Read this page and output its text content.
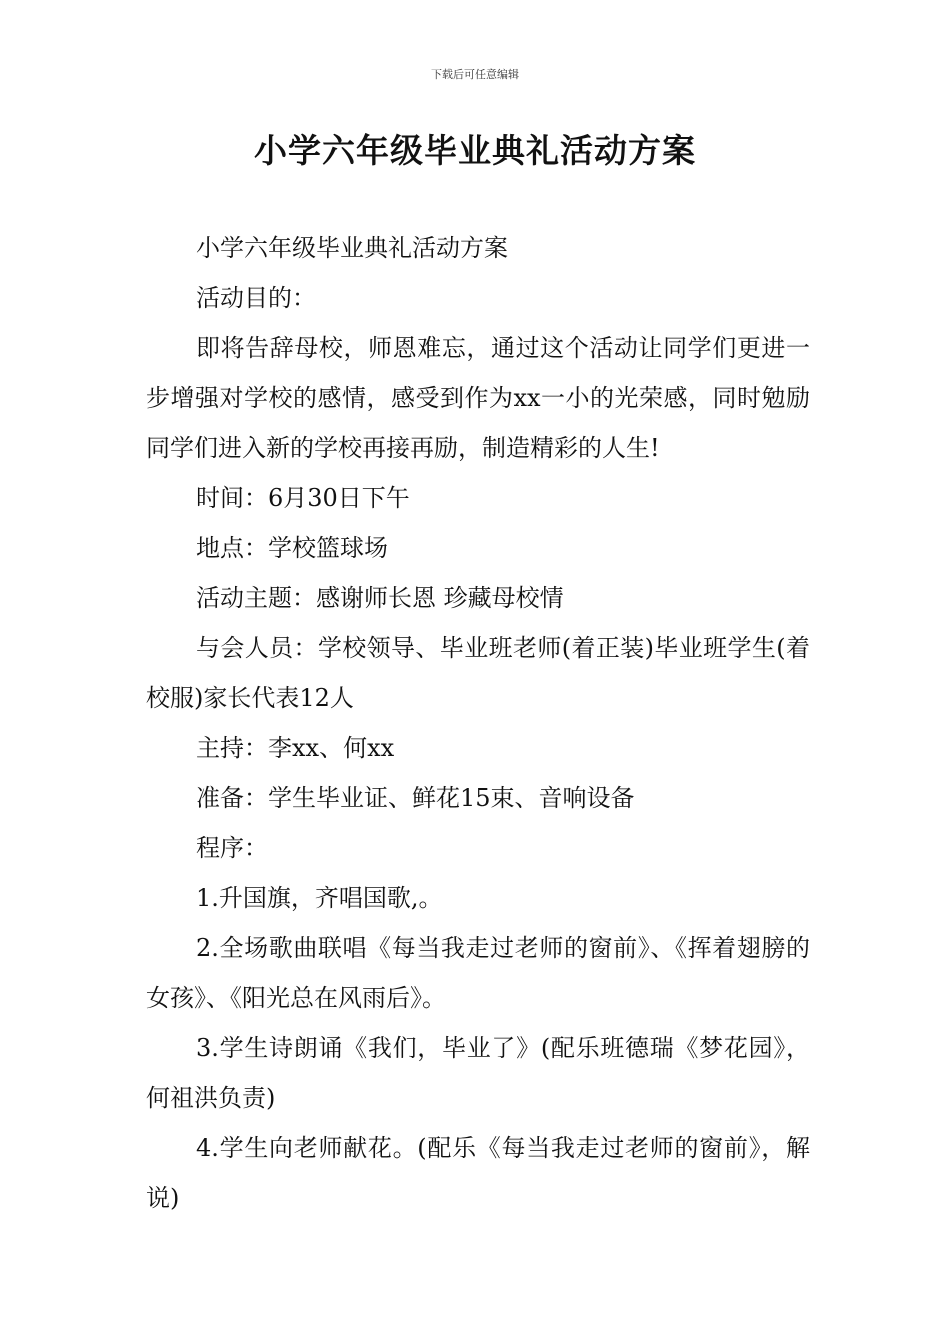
下载后可任意编辑
小学六年级毕业典礼活动方案

小学六年级毕业典礼活动方案

活动目的：

即将告辞母校，师恩难忘，通过这个活动让同学们更进一步增强对学校的感情，感受到作为xx一小的光荣感，同时勉励同学们进入新的学校再接再励，制造精彩的人生!

时间：6月30日下午

地点：学校篮球场

活动主题：感谢师长恩 珍藏母校情

与会人员：学校领导、毕业班老师(着正装)毕业班学生(着校服)家长代表12人

主持：李xx、何xx

准备：学生毕业证、鲜花15束、音响设备

程序：

1.升国旗，齐唱国歌,。

2.全场歌曲联唱《每当我走过老师的窗前》、《挥着翅膀的女孩》、《阳光总在风雨后》。

3.学生诗朗诵《我们，毕业了》(配乐班德瑞《梦花园》，何祖洪负责)

4.学生向老师献花。(配乐《每当我走过老师的窗前》，解说)
